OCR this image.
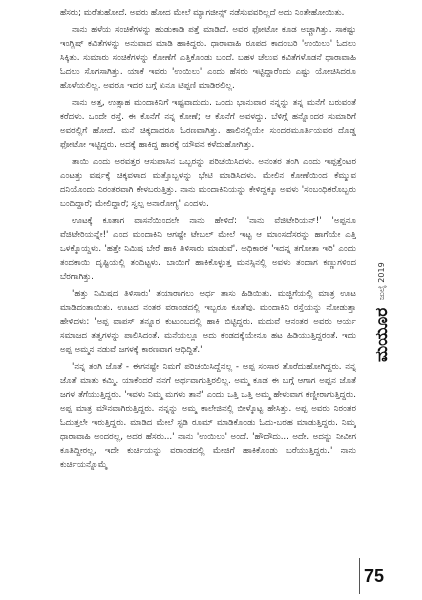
ಹೆಸರು; ಮರೆತುಹೋದೆ. ಅವರು ಹೋದ ಮೇಲೆ ಮ್ಯಾಗಜೀನ್ಸ್ ನಡೆಸುವವರಿಲ್ಲದೆ ಅದು ನಿಂತೇಹೋಯಿತು.

ನಾನು ಹಳೆಯ ಸಂಚಿಕೆಗಳನ್ನು ಹುಡುಕಾಡಿ ಪತ್ತೆ ಮಾಡಿದೆ. ಅವರ ಫೋಟೋ ಕೂಡ ಅಚ್ಚಾಗಿತ್ತು. ಸಾಕಷ್ಟು ಇಂಗ್ಲಿಷ್ ಕವಿತೆಗಳನ್ನು ಅನುವಾದ ಮಾಡಿ ಹಾಕಿದ್ದರು. ಧಾರಾವಾಹಿ ರೂಪದ ಕಾದಂಬರಿ 'ಉಯಿಲು' ಓದಲು ಸಿಕ್ಕಿತು. ಸುಮಾರು ಸಂಚಿಕೆಗಳನ್ನು ಕೋಣೆಗೆ ಎತ್ತಿಕೊಂಡು ಬಂದೆ. ಬಹಳ ಚೆಲುವ ಕವಿತೆಗಳೊಡನೆ ಧಾರಾವಾಹಿ ಓದಲು ಸೊಗಸಾಗಿತ್ತು. ಯಾಕೆ ಇವರು 'ಉಯಿಲು' ಎಂದು ಹೆಸರು ಇಟ್ಟಿದ್ದಾರೆಂದು ಎಷ್ಟು ಯೋಚಿಸಿದರೂ ಹೊಳೆಯಲಿಲ್ಲ. ಅವರೂ ಇದರ ಬಗ್ಗೆ ಏನೂ ಟಿಪ್ಪಣಿ ಮಾಡಿರಲಿಲ್ಲ.

ನಾನು ಅತ್ತ, ಉತ್ಸಾಹ ಮಂದಾಕಿನಿಗೆ ಇಷ್ಟವಾದುದು. ಒಂದು ಭಾನುವಾರ ನನ್ನನ್ನು ತನ್ನ ಮನೆಗೆ ಬರುವಂತೆ ಕರೆದಳು. ಒಂದೇ ರಸ್ತೆ. ಈ ಕೊನೆಗೆ ನನ್ನ ಕೋಣೆ; ಆ ಕೊನೆಗೆ ಅವಳದ್ದು. ಬೆಳಿಗ್ಗೆ ಹನ್ನೊಂದರ ಸುಮಾರಿಗೆ ಅವರಲ್ಲಿಗೆ ಹೋದೆ. ಮನೆ ಚಿಕ್ಕದಾದರೂ ಓರಣವಾಗಿತ್ತು. ಹಾಲಿನಲ್ಲಿಯೇ ಸುಂದರಮೂರ್ತಿಯವರ ದೊಡ್ಡ ಫೋಟೋ ಇಟ್ಟಿದ್ದರು. ಅದಕ್ಕೆ ಹಾಕಿದ್ದ ಹಾರಕ್ಕೆ ಯೌವನ ಕಳೆದುಹೋಗಿತ್ತು.

ತಾಯಿ ಎಂದು ಅರವತ್ತರ ಆಸುಪಾಸಿನ ಒಬ್ಬರನ್ನು ಪರಿಚಯಿಸಿದಳು. ಅನಂತರ ತಂಗಿ ಎಂದು ಇಪ್ಪತ್ತೆಂಟರ ಎಂಟತ್ತು ವರ್ಷಕ್ಕೆ ಚಿಕ್ಕವಳಾದ ಮತ್ತೊಬ್ಬಳನ್ನು ಭೇಟಿ ಮಾಡಿಸಿದಳು. ಮೇಲಿನ ಕೋಣೆಯಿಂದ ಕೆಮ್ಮುವ ದನಿಯೊಂದು ನಿರಂತರವಾಗಿ ಕೇಳಬರುತ್ತಿತ್ತು. ನಾನು ಮಂದಾಕಿನಿಯನ್ನು ಕೇಳಿದ್ದಕ್ಕೂ ಅವಳು 'ಸಂಬಂಧಿಕರೊಬ್ಬರು ಬಂದಿದ್ದಾರೆ; ಮೇಲಿದ್ದಾರೆ; ಸ್ವಲ್ಪ ಅನಾರೋಗ್ಯ' ಎಂದಳು.

ಊಟಕ್ಕೆ ಕೂತಾಗ ವಾಸನೆಯಿಂದಲೇ ನಾನು ಹೇಳಿದೆ: 'ನಾನು ವೆಜಿಟೇರಿಯನ್!' 'ಅಪ್ಪನೂ ವೆಜಿಟೇರಿಯನ್ನೇ!' ಎಂದ ಮಂದಾಕಿನಿ ಆಗಷ್ಟೇ ಟೇಬಲ್ ಮೇಲೆ ಇಟ್ಟ ಆ ಮಾಂಸದೆಸರನ್ನು ಹಾಗೆಯೇ ಎತ್ತಿ ಒಳಕ್ಕೊಯ್ದಳು. 'ಹತ್ತೇ ನಿಮಿಷ ಬೇರೆ ಹಾಕಿ ತಿಳಿಸಾರು ಮಾಡುವೆ'. ಅಧಿಕಾರಕ 'ಇದನ್ನ ತಗೋತಾ ಇರಿ' ಎಂದು ತಂದಕಾಯಿ ದೃಷ್ಟಿಯಲ್ಲಿ ತಂದಿಟ್ಟಳು. ಬಾಯಿಗೆ ಹಾಕಿಕೊಳ್ಳುತ್ತ ಮನಸ್ಸಿನಲ್ಲಿ ಅವಳು ತಂದಾಗ ಕಣ್ಣುಗಳಿಂದ ಬೆರಗಾಗಿತ್ತು.

'ಹತ್ತು ನಿಮಿಷದ ತಿಳಿಸಾರು' ತಯಾರಾಗಲು ಅರ್ಧ ತಾಸು ಹಿಡಿಯಿತು. ಮಜ್ಜಿಗೆಯಲ್ಲಿ ಮಾತ್ರ ಊಟ ಮಾಡಿದಂತಾಯಿತು. ಊಟದ ನಂತರ ವರಾಂಡದಲ್ಲಿ ಇಬ್ಬರೂ ಕೂತೆವು. ಮಂದಾಕಿನಿ ರಸ್ತೆಯನ್ನು ನೋಡುತ್ತಾ ಹೇಳಿದಳು: 'ಅಪ್ಪ ವಾಪಸ್ ತನ್ನೂರ ಕುಟುಂಬದಲ್ಲಿ ಹಾಕಿ ಬಿಟ್ಟಿದ್ದರು. ಮದುವೆ ಆನಂತರ ಅವರು ಆರ್ಯ ಸಮಾಜದ ತತ್ವಗಳನ್ನು ಪಾಲಿಸಿದಂತೆ. ಮನೆಯಲ್ಲೂ ಅದು ಕಂಡದಕ್ಕೆಯೇನೂ ಹಟ ಹಿಡಿಯುತ್ತಿದ್ದರಂತೆ. ಇದು ಅಪ್ಪ ಅಮ್ಮನ ನಡುವೆ ಜಗಳಕ್ಕೆ ಕಾರಣವಾಗ ಆಧಿದ್ದಿತೆ.'

'ನನ್ನ ತಂಗಿ ಜೊತೆ - ಈಗನಷ್ಟೇ ನಿಮಗೆ ಪರಿಚಯಿಸಿದ್ದೆನಲ್ಲ - ಅಪ್ಪ ಸಂಸಾರ ತೊರೆದುಹೋಗಿದ್ದರು. ನನ್ನ ಜೊತೆ ಮಾತು ಕಮ್ಮಿ. ಯಾಕೆಂದರೆ ನನಗೆ ಅರ್ಥವಾಗುತ್ತಿರಲಿಲ್ಲ. ಅಮ್ಮ ಕೂಡ ಈ ಬಗ್ಗೆ ಆಗಾಗ ಅಪ್ಪನ ಜೊತೆ ಜಗಳ ತೆಗೆಯುತ್ತಿದ್ದರು. 'ಇವಳು ನಿಮ್ಮ ಮಗಳು ತಾನೆ' ಎಂದು ಒತ್ತಿ ಒತ್ತಿ ಅಮ್ಮ ಹೇಳುವಾಗ ಕಣ್ಣೀರಾಗುತ್ತಿದ್ದರು. ಅಪ್ಪ ಮಾತ್ರ ಮೌನವಾಗಿರುತ್ತಿದ್ದರು. ನನ್ನನ್ನು ಅಮ್ಮ ಕಾಲೇಜಿನಲ್ಲಿ ಬೀಳ್ಕೊಟ್ಟ ಹೇಸಿತ್ತು. ಅಪ್ಪ ಅವರು ನಿರಂತರ ಓದುತ್ತಲೇ ಇರುತ್ತಿದ್ದರು. ಮಾಡಿದ ಮೇಲೆ ಸ್ಟಡಿ ರೂಮ್ ಮಾಡಿಕೊಂಡು ಓದು-ಬರಹ ಮಾಡುತ್ತಿದ್ದರು. ನಿಮ್ಮ ಧಾರಾವಾಹಿ ಅಂದರಲ್ಲ, ಅದರ ಹೆಸರು...' ನಾನು 'ಉಯಿಲು' ಅಂದೆ. 'ಹೌದೌದು... ಅದೇ. ಅದನ್ನು ನೀವೀಗ ಕೂತಿದ್ದೀರಲ್ಲ, ಇದೇ ಕುರ್ಚಿಯನ್ನು ವರಾಂಡದಲ್ಲಿ ಮೇಜಿಗೆ ಹಾಕಿಕೊಂಡು ಬರೆಯುತ್ತಿದ್ದರು.' ನಾನು ಕುರ್ಚಿಯನ್ನೊಮ್ಮೆ

ಜುಲೈ 2019
ಮಯೂರ
75
